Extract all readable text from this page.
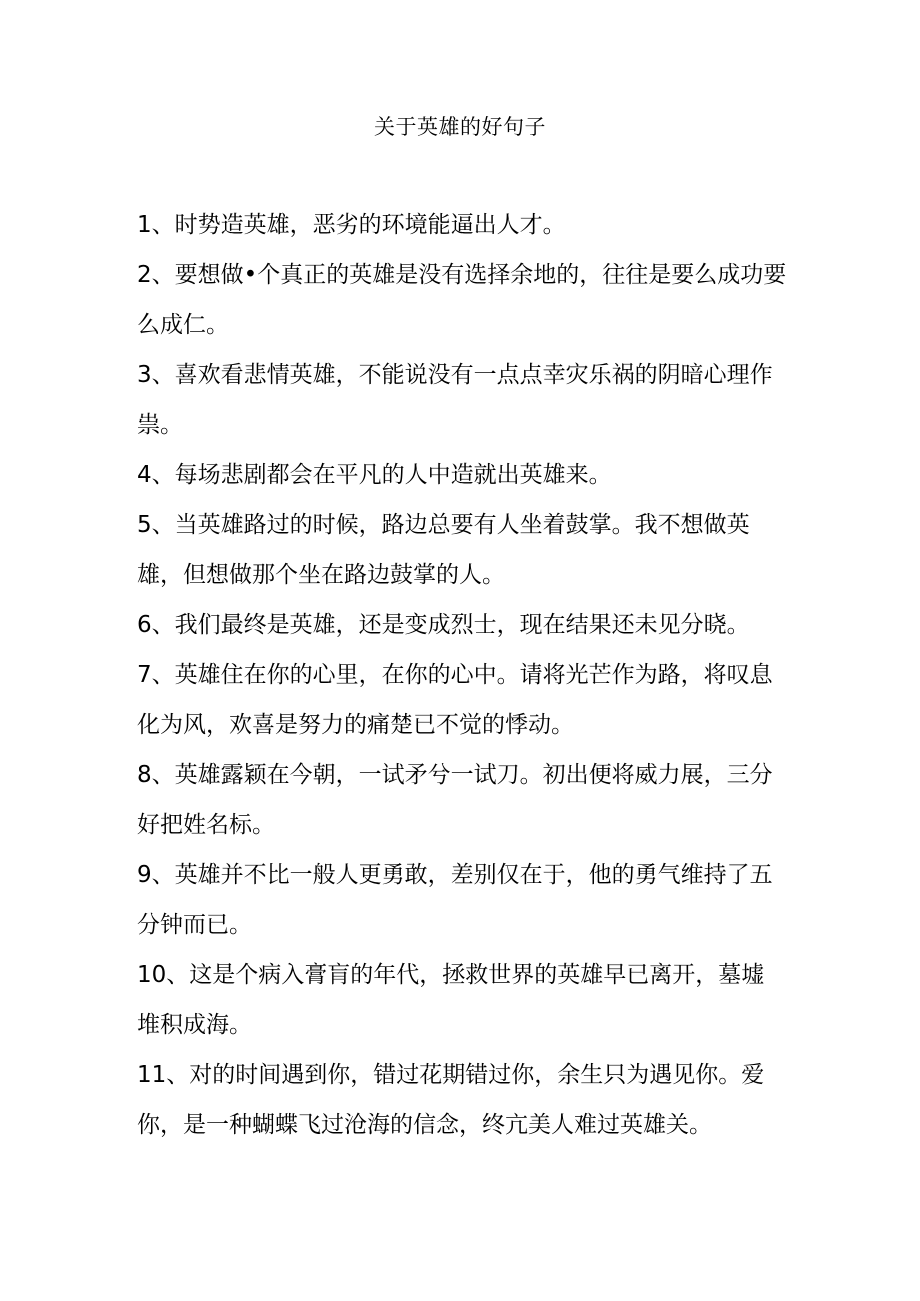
关于英雄的好句子

1、时势造英雄，恶劣的环境能逼出人才。

2、要想做•个真正的英雄是没有选择余地的，往往是要么成功要么成仁。

3、喜欢看悲情英雄，不能说没有一点点幸灾乐祸的阴暗心理作祟。

4、每场悲剧都会在平凡的人中造就出英雄来。

5、当英雄路过的时候，路边总要有人坐着鼓掌。我不想做英雄，但想做那个坐在路边鼓掌的人。

6、我们最终是英雄，还是变成烈士，现在结果还未见分晓。

7、英雄住在你的心里，在你的心中。请将光芒作为路，将叹息化为风，欢喜是努力的痛楚已不觉的悸动。

8、英雄露颖在今朝，一试矛兮一试刀。初出便将威力展，三分好把姓名标。

9、英雄并不比一般人更勇敢，差别仅在于，他的勇气维持了五分钟而已。

10、这是个病入膏肓的年代，拯救世界的英雄早已离开，墓墟堆积成海。

11、对的时间遇到你，错过花期错过你，余生只为遇见你。爱你，是一种蝴蝶飞过沧海的信念，终亢美人难过英雄关。
